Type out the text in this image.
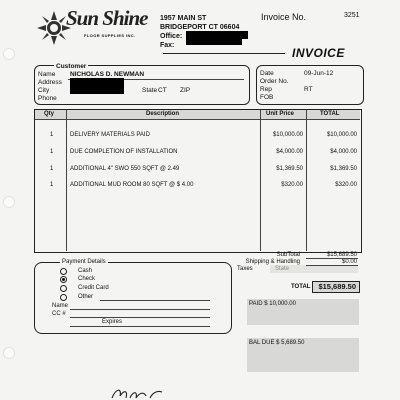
Sun Shine
FLOOR SUPPLIES INC.
1957 MAIN ST
BRIDGEPORT CT 06604
Office:
Fax:
Invoice No.	3251
INVOICE
Customer
Name NICHOLAS D. NEWMAN
Address
City	State CT ZIP
Phone
Date	09-Jun-12
Order No.
Rep	RT
FOB
Qty	Description	Unit Price	TOTAL
1	DELIVERY MATERIALS PAID	$10,000.00	$10,000.00
1	DUE COMPLETION OF INSTALLATION	$4,000.00	$4,000.00
1	ADDITIONAL 4" SWO 550 SQFT @ 2.49	$1,369.50	$1,369.50
1	ADDITIONAL MUD ROOM 80 SQFT @ $ 4.00	$320.00	$320.00
SubTotal	$15,689.50
Shipping & Handling	$0.00
Taxes
TOTAL	$15,689.50
Payment Details
Cash
Check
Credit Card
Other
Name
CC #
Expires
PAID $ 10,000.00
BAL DUE $ 5,689.50
